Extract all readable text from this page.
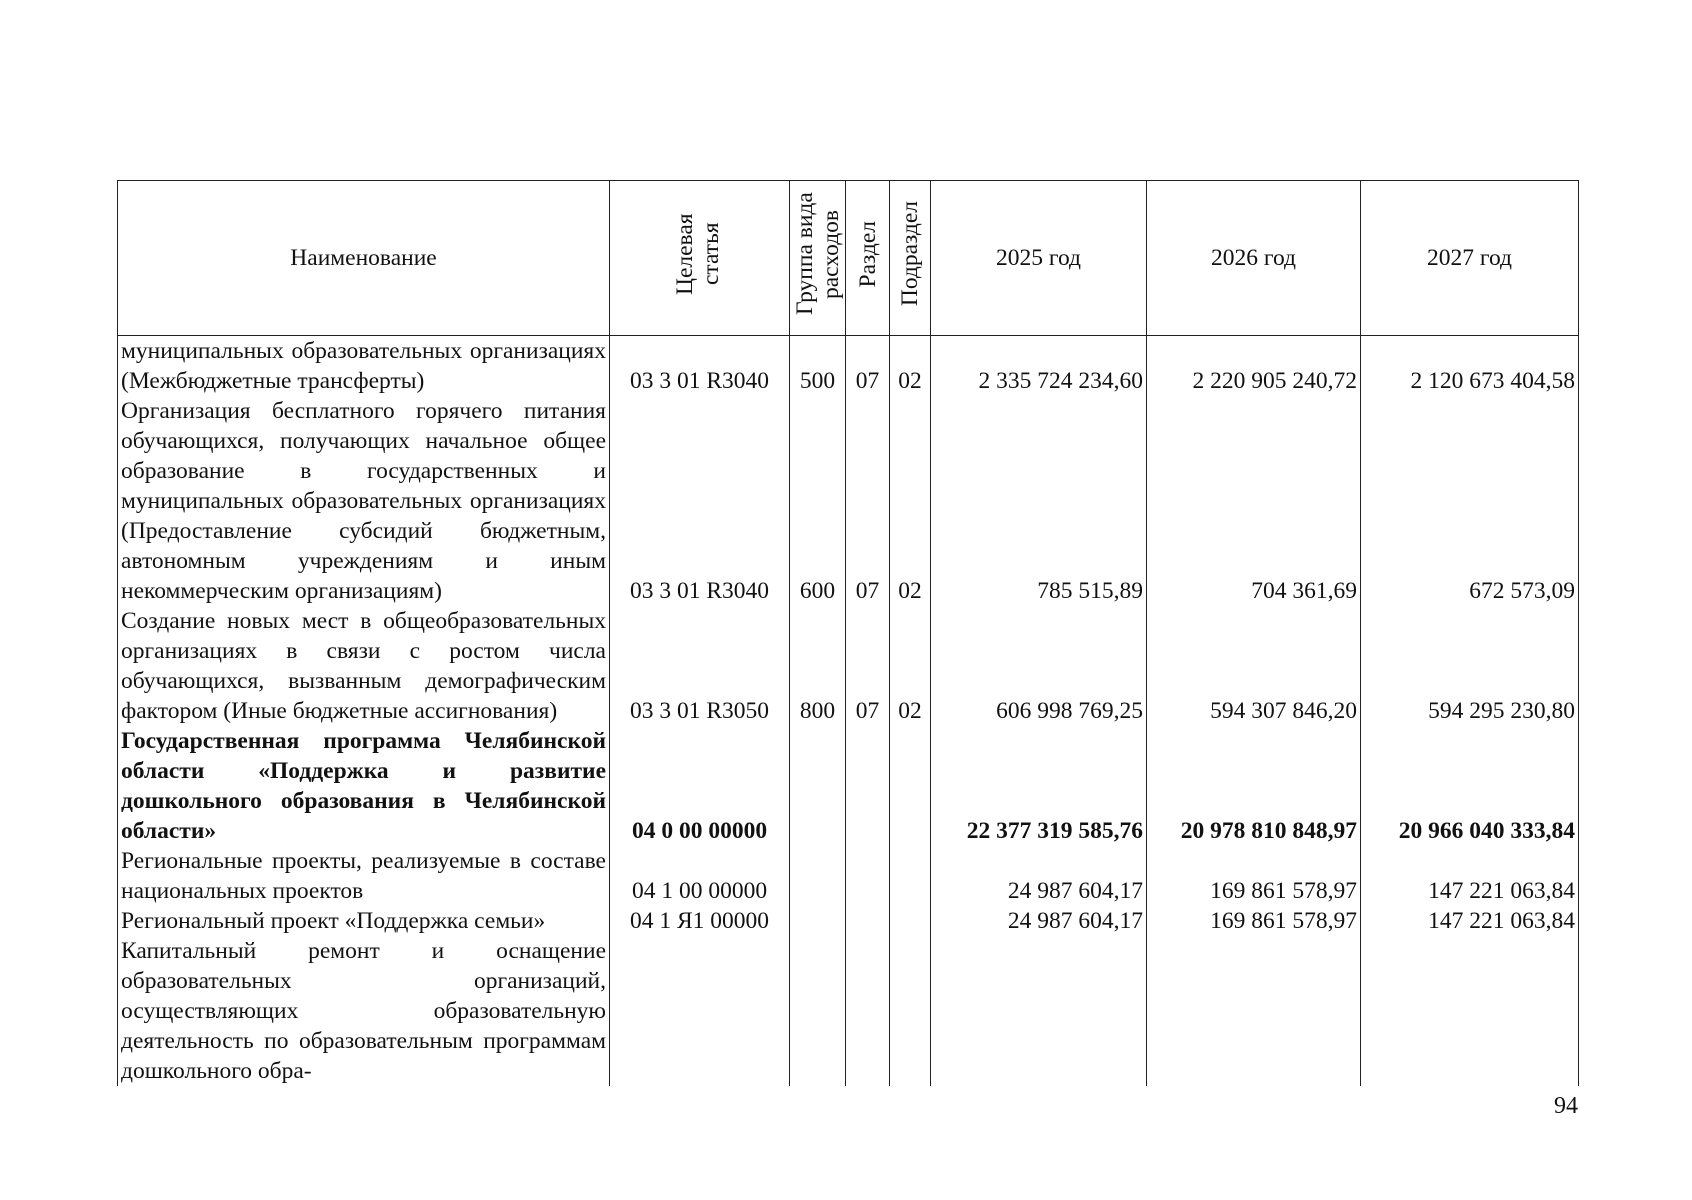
Наименование	Целевая статья	Группа вида расходов	Раздел	Подраздел	2025 год	2026 год	2027 год
муниципальных образовательных организациях (Межбюджетные трансферты)	03 3 01 R3040	500	07	02	2 335 724 234,60	2 220 905 240,72	2 120 673 404,58
Организация бесплатного горячего питания обучающихся, получающих начальное общее образование в государственных и муниципальных образовательных организациях (Предоставление субсидий бюджетным, автономным учреждениям и иным некоммерческим организациям)	03 3 01 R3040	600	07	02	785 515,89	704 361,69	672 573,09
Создание новых мест в общеобразовательных организациях в связи с ростом числа обучающихся, вызванным демографическим фактором (Иные бюджетные ассигнования)	03 3 01 R3050	800	07	02	606 998 769,25	594 307 846,20	594 295 230,80
Государственная программа Челябинской области «Поддержка и развитие дошкольного образования в Челябинской области»	04 0 00 00000				22 377 319 585,76	20 978 810 848,97	20 966 040 333,84
Региональные проекты, реализуемые в составе национальных проектов	04 1 00 00000				24 987 604,17	169 861 578,97	147 221 063,84
Региональный проект «Поддержка семьи»	04 1 Я1 00000				24 987 604,17	169 861 578,97	147 221 063,84
Капитальный ремонт и оснащение образовательных организаций, осуществляющих образовательную деятельность по образовательным программам дошкольного обра-							
94
